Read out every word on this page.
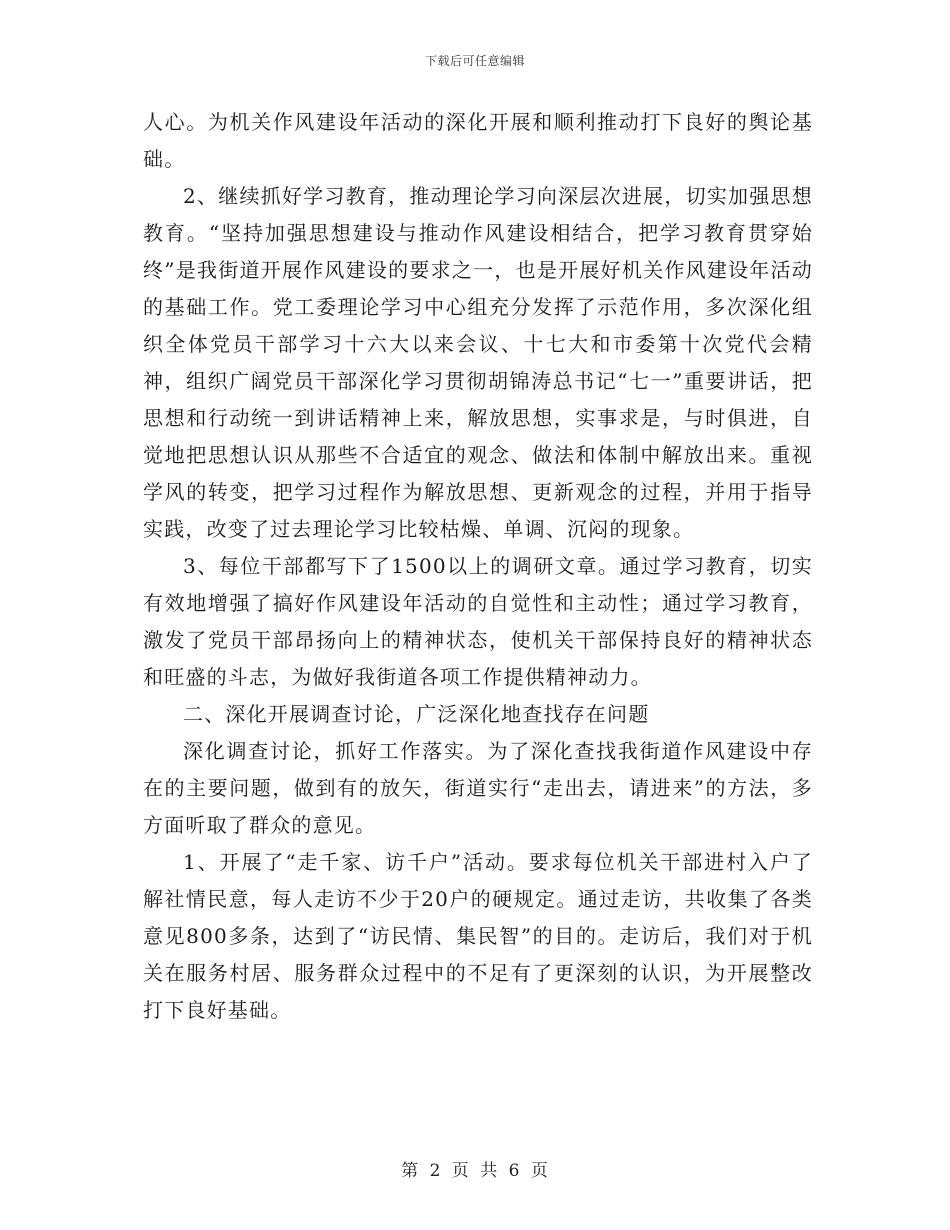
下载后可任意编辑

人心。为机关作风建设年活动的深化开展和顺利推动打下良好的舆论基础。

2、继续抓好学习教育，推动理论学习向深层次进展，切实加强思想教育。“坚持加强思想建设与推动作风建设相结合，把学习教育贯穿始终”是我街道开展作风建设的要求之一，也是开展好机关作风建设年活动的基础工作。党工委理论学习中心组充分发挥了示范作用，多次深化组织全体党员干部学习十六大以来会议、十七大和市委第十次党代会精神，组织广阔党员干部深化学习贯彻胡锦涛总书记“七一”重要讲话，把思想和行动统一到讲话精神上来，解放思想，实事求是，与时俱进，自觉地把思想认识从那些不合适宜的观念、做法和体制中解放出来。重视学风的转变，把学习过程作为解放思想、更新观念的过程，并用于指导实践，改变了过去理论学习比较枯燥、单调、沉闷的现象。

3、每位干部都写下了1500以上的调研文章。通过学习教育，切实有效地增强了搞好作风建设年活动的自觉性和主动性；通过学习教育，激发了党员干部昂扬向上的精神状态，使机关干部保持良好的精神状态和旺盛的斗志，为做好我街道各项工作提供精神动力。

二、深化开展调查讨论，广泛深化地查找存在问题

深化调查讨论，抓好工作落实。为了深化查找我街道作风建设中存在的主要问题，做到有的放矢，街道实行“走出去，请进来”的方法，多方面听取了群众的意见。

1、开展了“走千家、访千户”活动。要求每位机关干部进村入户了解社情民意，每人走访不少于20户的硬规定。通过走访，共收集了各类意见800多条，达到了“访民情、集民智”的目的。走访后，我们对于机关在服务村居、服务群众过程中的不足有了更深刻的认识，为开展整改打下良好基础。

第 2 页 共 6 页
